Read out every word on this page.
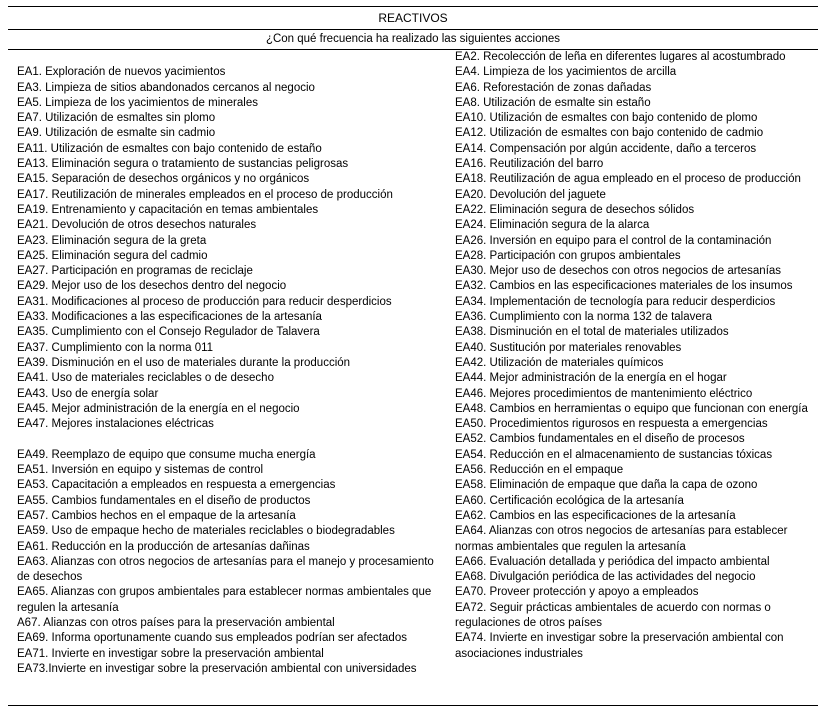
REACTIVOS
¿Con qué frecuencia ha realizado las siguientes acciones
EA1. Exploración de nuevos yacimientos
EA3. Limpieza de sitios abandonados cercanos al negocio
EA5. Limpieza de los yacimientos de minerales
EA7. Utilización de esmaltes sin plomo
EA9. Utilización de esmalte sin cadmio
EA11. Utilización de esmaltes con bajo contenido de estaño
EA13. Eliminación segura o tratamiento de sustancias peligrosas
EA15. Separación de desechos orgánicos y no orgánicos
EA17. Reutilización de minerales empleados en el proceso de producción
EA19. Entrenamiento y capacitación en temas ambientales
EA21. Devolución de otros desechos naturales
EA23. Eliminación segura de la greta
EA25. Eliminación segura del cadmio
EA27. Participación en programas de reciclaje
EA29. Mejor uso de los desechos dentro del negocio
EA31. Modificaciones al proceso de producción para reducir desperdicios
EA33. Modificaciones a las especificaciones de la artesanía
EA35. Cumplimiento con el Consejo Regulador de Talavera
EA37. Cumplimiento con la norma 011
EA39. Disminución en el uso de materiales durante la producción
EA41. Uso de materiales reciclables o de desecho
EA43. Uso de energía solar
EA45. Mejor administración de la energía en el negocio
EA47. Mejores instalaciones eléctricas
EA49. Reemplazo de equipo que consume mucha energía
EA51. Inversión en equipo y sistemas de control
EA53. Capacitación a empleados en respuesta a emergencias
EA55. Cambios fundamentales en el diseño de productos
EA57. Cambios hechos en el empaque de la artesanía
EA59. Uso de empaque hecho de materiales reciclables o biodegradables
EA61. Reducción en la producción de artesanías dañinas
EA63. Alianzas con otros negocios de artesanías para el manejo y procesamiento de desechos
EA65. Alianzas con grupos ambientales para establecer normas ambientales que regulen la artesanía
A67. Alianzas con otros países para la preservación ambiental
EA69. Informa oportunamente cuando sus empleados podrían ser afectados
EA71. Invierte en investigar sobre la preservación ambiental
EA73.Invierte en investigar sobre la preservación ambiental con universidades
EA2. Recolección de leña en diferentes lugares al acostumbrado
EA4. Limpieza de los yacimientos de arcilla
EA6. Reforestación de zonas dañadas
EA8. Utilización de esmalte sin estaño
EA10. Utilización de esmaltes con bajo contenido de plomo
EA12. Utilización de esmaltes con bajo contenido de cadmio
EA14. Compensación por algún accidente, daño a terceros
EA16. Reutilización del barro
EA18. Reutilización de agua empleado en el proceso de producción
EA20. Devolución del jaguete
EA22. Eliminación segura de desechos sólidos
EA24. Eliminación segura de la alarca
EA26. Inversión en equipo para el control de la contaminación
EA28. Participación con grupos ambientales
EA30. Mejor uso de desechos con otros negocios de artesanías
EA32. Cambios en las especificaciones materiales de los insumos
EA34. Implementación de tecnología para reducir desperdicios
EA36. Cumplimiento con la norma 132 de talavera
EA38. Disminución en el total de materiales utilizados
EA40. Sustitución por materiales renovables
EA42. Utilización de materiales químicos
EA44. Mejor administración de la energía en el hogar
EA46. Mejores procedimientos de mantenimiento eléctrico
EA48. Cambios en herramientas o equipo que funcionan con energía
EA50. Procedimientos rigurosos en respuesta a emergencias
EA52. Cambios fundamentales en el diseño de procesos
EA54. Reducción en el almacenamiento de sustancias tóxicas
EA56. Reducción en el empaque
EA58. Eliminación de empaque que daña la capa de ozono
EA60. Certificación ecológica de la artesanía
EA62. Cambios en las especificaciones de la artesanía
EA64. Alianzas con otros negocios de artesanías para establecer normas ambientales que regulen la artesanía
EA66. Evaluación detallada y periódica del impacto ambiental
EA68. Divulgación periódica de las actividades del negocio
EA70. Proveer protección y apoyo a empleados
EA72. Seguir prácticas ambientales de acuerdo con normas o regulaciones de otros países
EA74. Invierte en investigar sobre la preservación ambiental con asociaciones industriales
